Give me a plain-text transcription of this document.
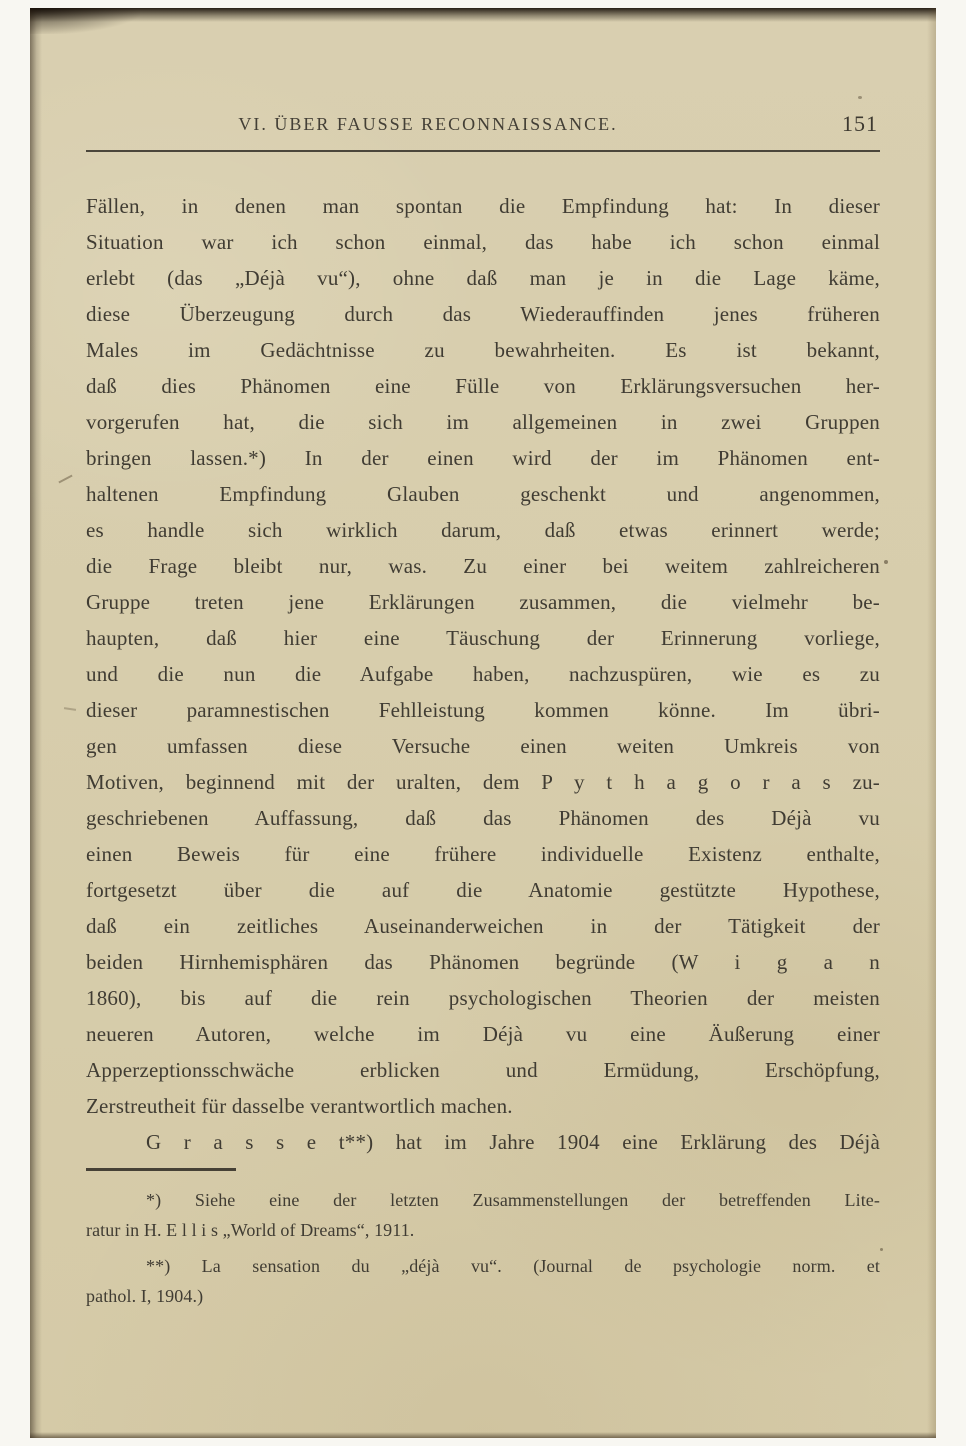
VI. ÜBER FAUSSE RECONNAISSANCE.	151
Fällen, in denen man spontan die Empfindung hat: In dieser
Situation war ich schon einmal, das habe ich schon einmal
erlebt (das „Déjà vu“), ohne daß man je in die Lage käme,
diese Überzeugung durch das Wiederauffinden jenes früheren
Males im Gedächtnisse zu bewahrheiten. Es ist bekannt,
daß dies Phänomen eine Fülle von Erklärungsversuchen her-
vorgerufen hat, die sich im allgemeinen in zwei Gruppen
bringen lassen.*) In der einen wird der im Phänomen ent-
haltenen Empfindung Glauben geschenkt und angenommen,
es handle sich wirklich darum, daß etwas erinnert werde;
die Frage bleibt nur, was. Zu einer bei weitem zahlreicheren
Gruppe treten jene Erklärungen zusammen, die vielmehr be-
haupten, daß hier eine Täuschung der Erinnerung vorliege,
und die nun die Aufgabe haben, nachzuspüren, wie es zu
dieser paramnestischen Fehlleistung kommen könne. Im übri-
gen umfassen diese Versuche einen weiten Umkreis von
Motiven, beginnend mit der uralten, dem P y t h a g o r a s zu-
geschriebenen Auffassung, daß das Phänomen des Déjà vu
einen Beweis für eine frühere individuelle Existenz enthalte,
fortgesetzt über die auf die Anatomie gestützte Hypothese,
daß ein zeitliches Auseinanderweichen in der Tätigkeit der
beiden Hirnhemisphären das Phänomen begründe (W i g a n
1860), bis auf die rein psychologischen Theorien der meisten
neueren Autoren, welche im Déjà vu eine Äußerung einer
Apperzeptionsschwäche erblicken und Ermüdung, Erschöpfung,
Zerstreutheit für dasselbe verantwortlich machen.
G r a s s e t**) hat im Jahre 1904 eine Erklärung des Déjà
*) Siehe eine der letzten Zusammenstellungen der betreffenden Lite-
ratur in H. E l l i s „World of Dreams“, 1911.
**) La sensation du „déjà vu“. (Journal de psychologie norm. et
pathol. I, 1904.)
